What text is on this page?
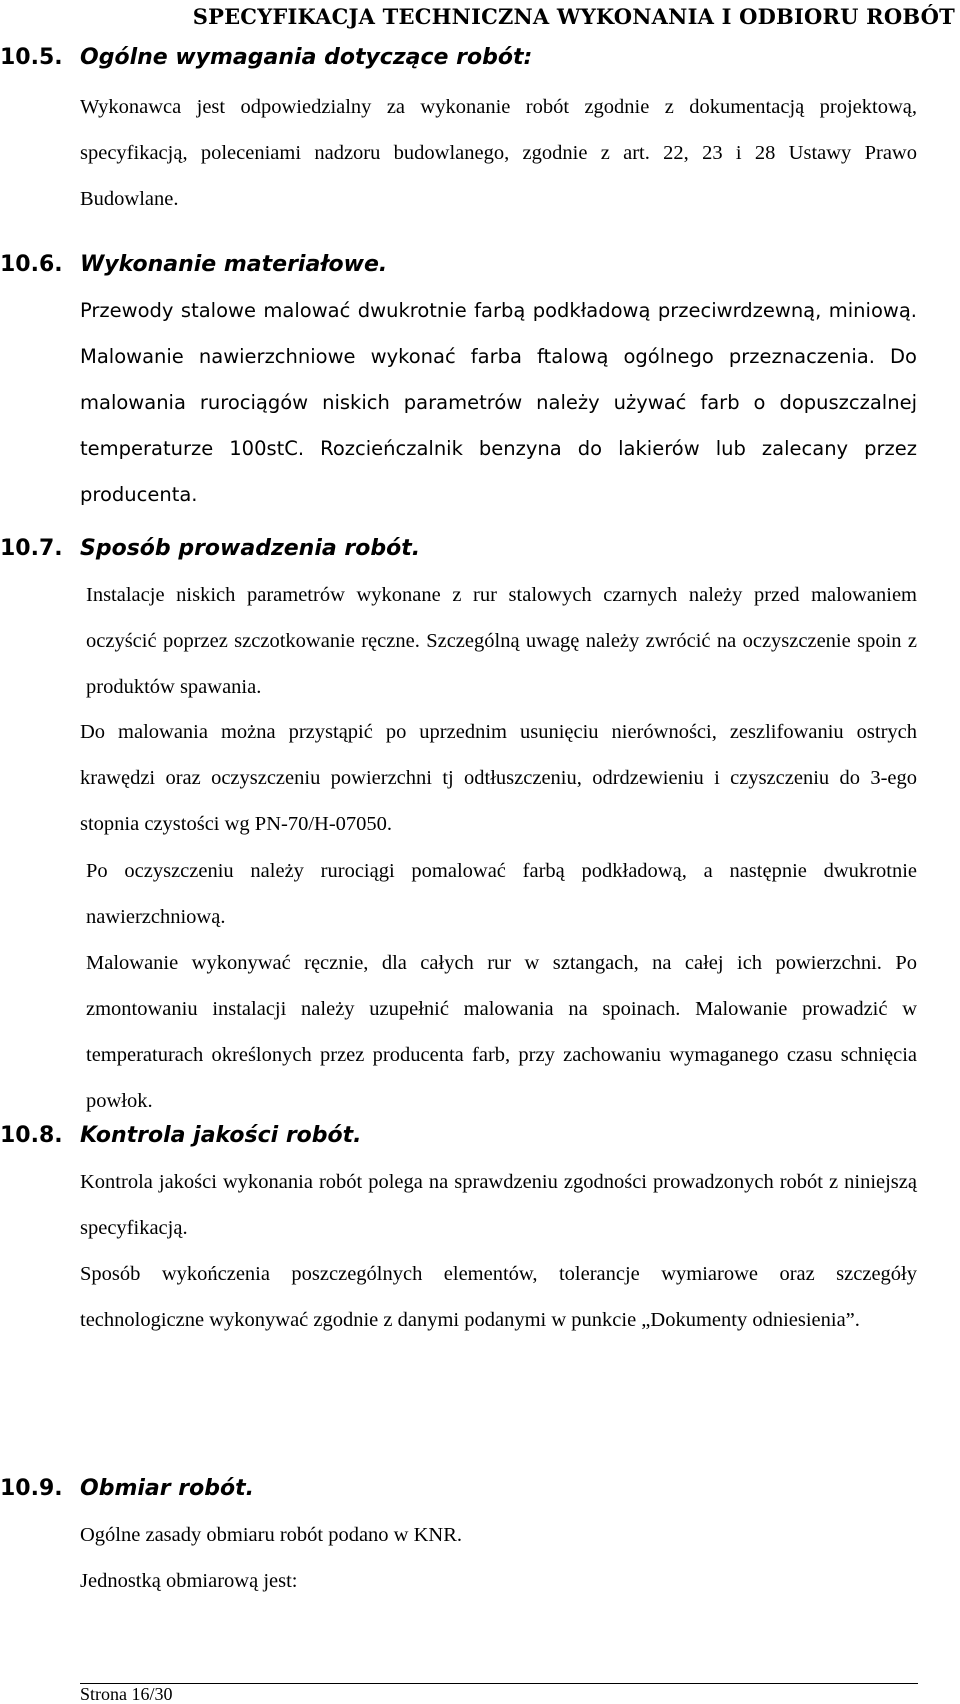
SPECYFIKACJA TECHNICZNA WYKONANIA I ODBIORU ROBÓT
10.5. Ogólne wymagania dotyczące robót:

Wykonawca jest odpowiedzialny za wykonanie robót zgodnie z dokumentacją projektową, specyfikacją, poleceniami nadzoru budowlanego, zgodnie z art. 22, 23 i 28 Ustawy Prawo Budowlane.

10.6. Wykonanie materiałowe.

Przewody stalowe malować dwukrotnie farbą podkładową przeciwrdzewną, miniową. Malowanie nawierzchniowe wykonać farba ftalową ogólnego przeznaczenia. Do malowania rurociągów niskich parametrów należy używać farb o dopuszczalnej temperaturze 100stC. Rozcieńczalnik benzyna do lakierów lub zalecany przez producenta.

10.7. Sposób prowadzenia robót.

Instalacje niskich parametrów wykonane z rur stalowych czarnych należy przed malowaniem oczyścić poprzez szczotkowanie ręczne. Szczególną uwagę należy zwrócić na oczyszczenie spoin z produktów spawania.

Do malowania można przystąpić po uprzednim usunięciu nierówności, zeszlifowaniu ostrych krawędzi oraz oczyszczeniu powierzchni tj odtłuszczeniu, odrdzewieniu i czyszczeniu do 3-ego stopnia czystości wg PN-70/H-07050.

Po oczyszczeniu należy rurociągi pomalować farbą podkładową, a następnie dwukrotnie nawierzchniową.

Malowanie wykonywać ręcznie, dla całych rur w sztangach, na całej ich powierzchni. Po zmontowaniu instalacji należy uzupełnić malowania na spoinach. Malowanie prowadzić w temperaturach określonych przez producenta farb, przy zachowaniu wymaganego czasu schnięcia powłok.

10.8. Kontrola jakości robót.

Kontrola jakości wykonania robót polega na sprawdzeniu zgodności prowadzonych robót z niniejszą specyfikacją.

Sposób wykończenia poszczególnych elementów, tolerancje wymiarowe oraz szczegóły technologiczne wykonywać zgodnie z danymi podanymi w punkcie „Dokumenty odniesienia”.

10.9. Obmiar robót.

Ogólne zasady obmiaru robót podano w KNR.

Jednostką obmiarową jest:

Strona 16/30
